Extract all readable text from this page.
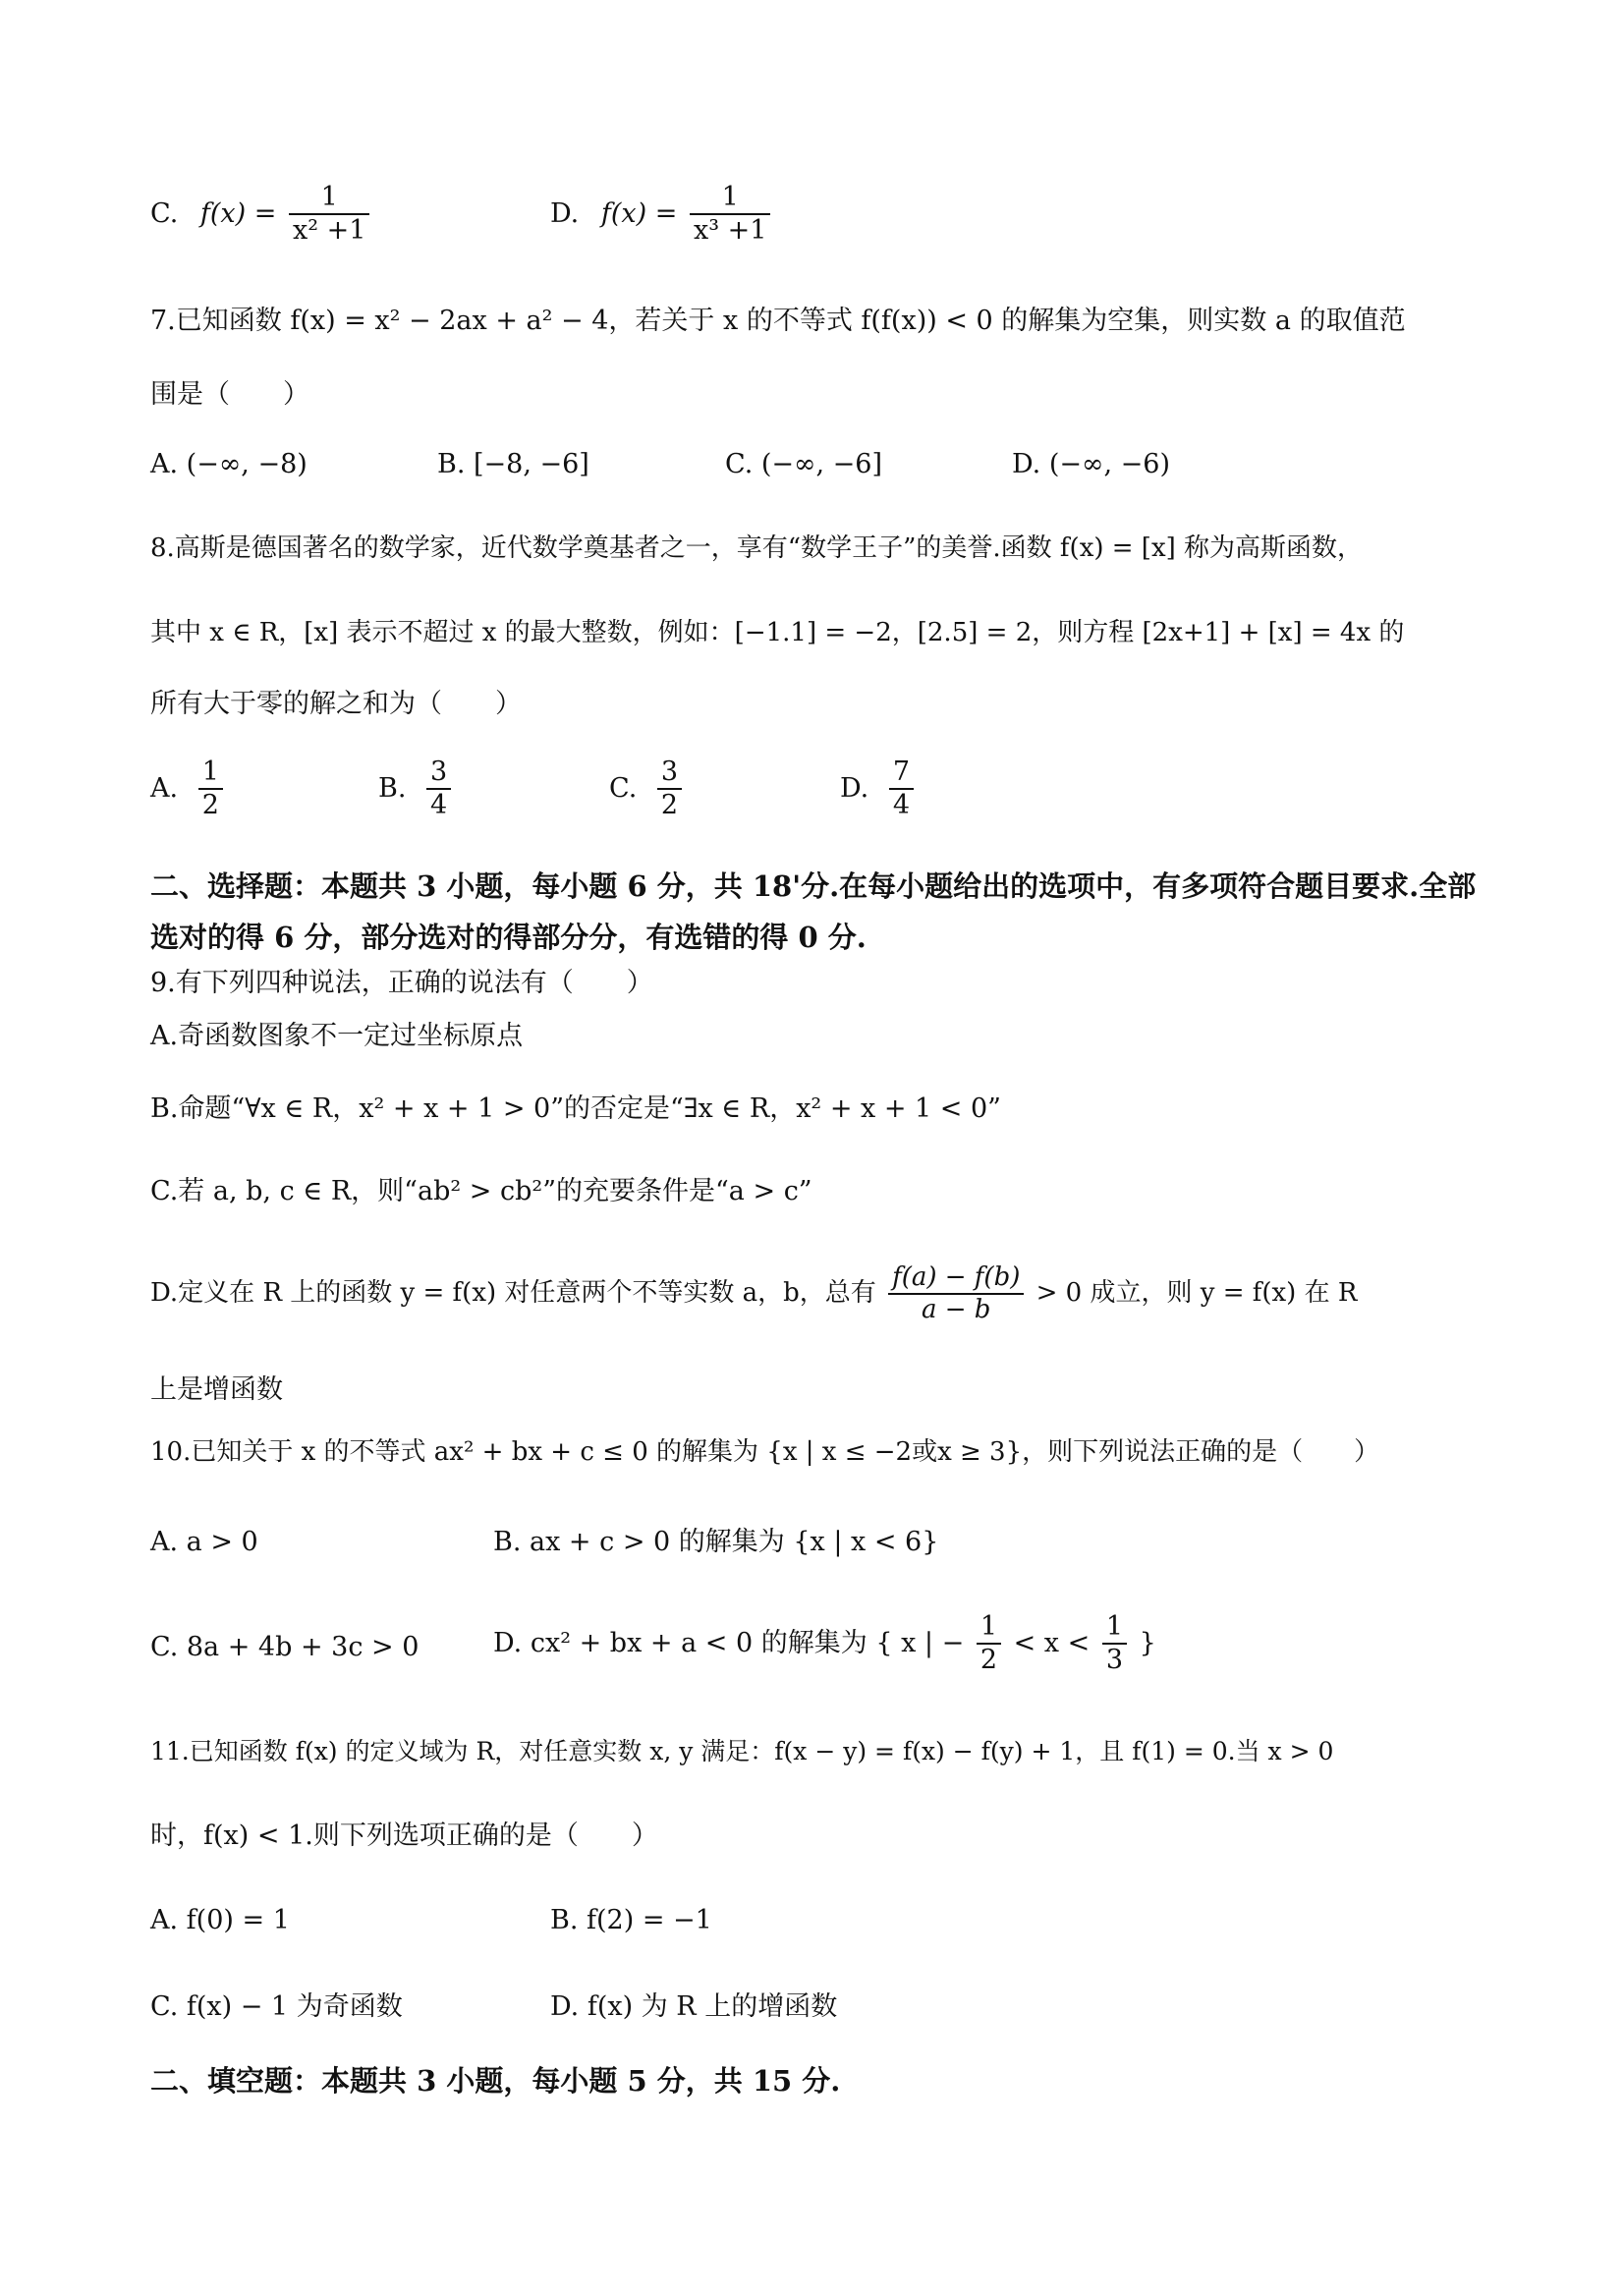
C. $f(x) = \frac{1}{\text{x² +1}}$	D. $f(x) = \frac{1}{\text{x³ +1}}$
7.已知函数 f(x) = x² − 2ax + a² − 4，若关于 x 的不等式 f(f(x)) < 0 的解集为空集，则实数 a 的取值范
围是（　　）
A. (−∞, −8)	B. [−8, −6]	C. (−∞, −6]	D. (−∞, −6)
8.高斯是德国著名的数学家，近代数学奠基者之一，享有“数学王子”的美誉.函数 f(x) = [x] 称为高斯函数，
其中 x ∈ R，[x] 表示不超过 x 的最大整数，例如：[−1.1] = −2，[2.5] = 2，则方程 [2x+1] + [x] = 4x 的
所有大于零的解之和为（　　）
A. $\frac{1}{2}$	B. $\frac{3}{4}$	C. $\frac{3}{2}$	D. $\frac{7}{4}$
二、选择题：本题共 3 小题，每小题 6 分，共 18'分.在每小题给出的选项中，有多项符合题目要求.全部选对的得 6 分，部分选对的得部分分，有选错的得 0 分.
9.有下列四种说法，正确的说法有（　　）
A.奇函数图象不一定过坐标原点
B.命题“∀x ∈ R，x² + x + 1 > 0”的否定是“∃x ∈ R，x² + x + 1 < 0”
C.若 a, b, c ∈ R，则“ab² > cb²”的充要条件是“a > c”
D.定义在 R 上的函数 y = f(x) 对任意两个不等实数 a，b，总有 $\frac{f(a) - f(b)}{a - b} > 0$ 成立，则 y = f(x) 在 R
上是增函数
10.已知关于 x 的不等式 ax² + bx + c ≤ 0 的解集为 {x | x ≤ −2或x ≥ 3}，则下列说法正确的是（　　）
A. a > 0	B. ax + c > 0 的解集为 {x | x < 6}
C. 8a + 4b + 3c > 0	D. cx² + bx + a < 0 的解集为 { x | − $\frac{1}{2} < x < \frac{1}{3}$ }
11.已知函数 f(x) 的定义域为 R，对任意实数 x, y 满足：f(x − y) = f(x) − f(y) + 1，且 f(1) = 0.当 x > 0
时，f(x) < 1.则下列选项正确的是（　　）
A. f(0) = 1	B. f(2) = −1
C. f(x) − 1 为奇函数	D. f(x) 为 R 上的增函数
二、填空题：本题共 3 小题，每小题 5 分，共 15 分.
